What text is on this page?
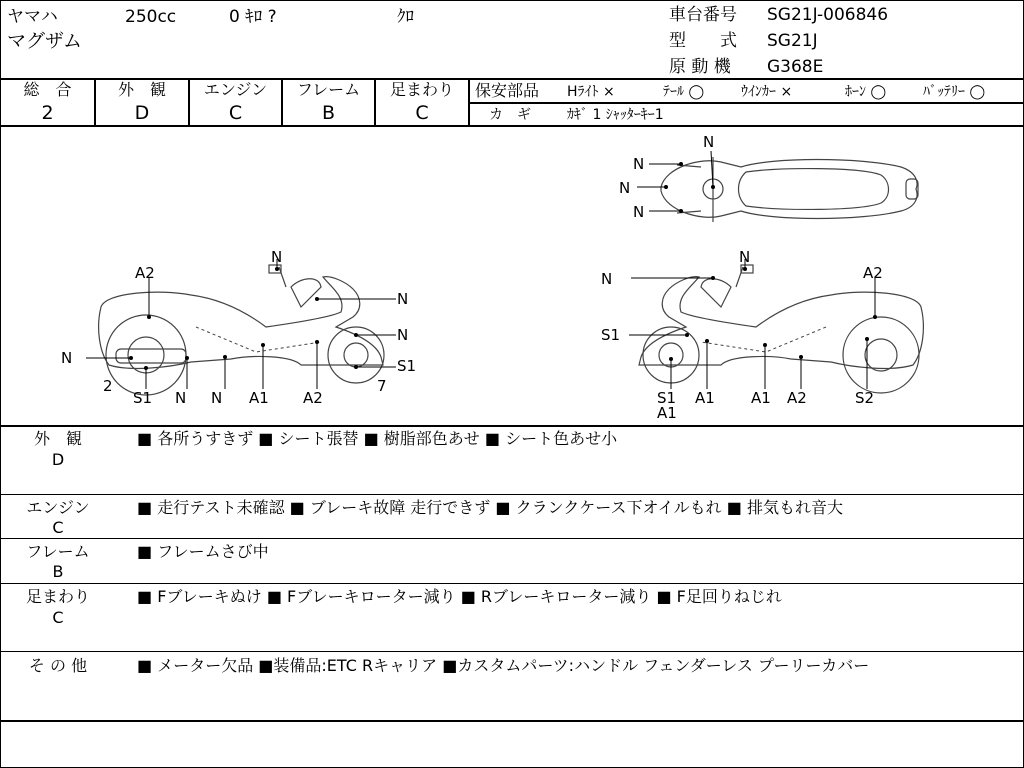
ヤマハ	250cc	0 ｷﾛ ?	ｸﾛ
マグザム
車台番号 SG21J-006846
型　　式 SG21J
原 動 機 G368E
総　合
2
外　観
D
エンジン
C
フレーム
B
足まわり
C
保安部品 Hﾗｲﾄ ×	ﾃｰﾙ ◯	ｳｲﾝｶｰ ×	ﾎｰﾝ ◯	ﾊﾞｯﾃﾘｰ ◯
カ　ギ	ｶｷﾞ 1 ｼｬｯﾀｰｷｰ1
N
N
N
N
A2
N
N
N
S1
7
2
S1 N N A1 A2
N
N
N
A2
S1
S1
A1
A1 A1 A2	S2
外　観
D
■ 各所うすきず ■ シート張替 ■ 樹脂部色あせ ■ シート色あせ小
エンジン
C
■ 走行テスト未確認 ■ ブレーキ故障 走行できず ■ クランクケース下オイルもれ ■ 排気もれ音大
フレーム
B
■ フレームさび中
足まわり
C
■ Fブレーキぬけ ■ Fブレーキローター減り ■ Rブレーキローター減り ■ F足回りねじれ
そ の 他	■ メーター欠品 ■装備品:ETC Rキャリア ■カスタムパーツ:ハンドル フェンダーレス プーリーカバー
